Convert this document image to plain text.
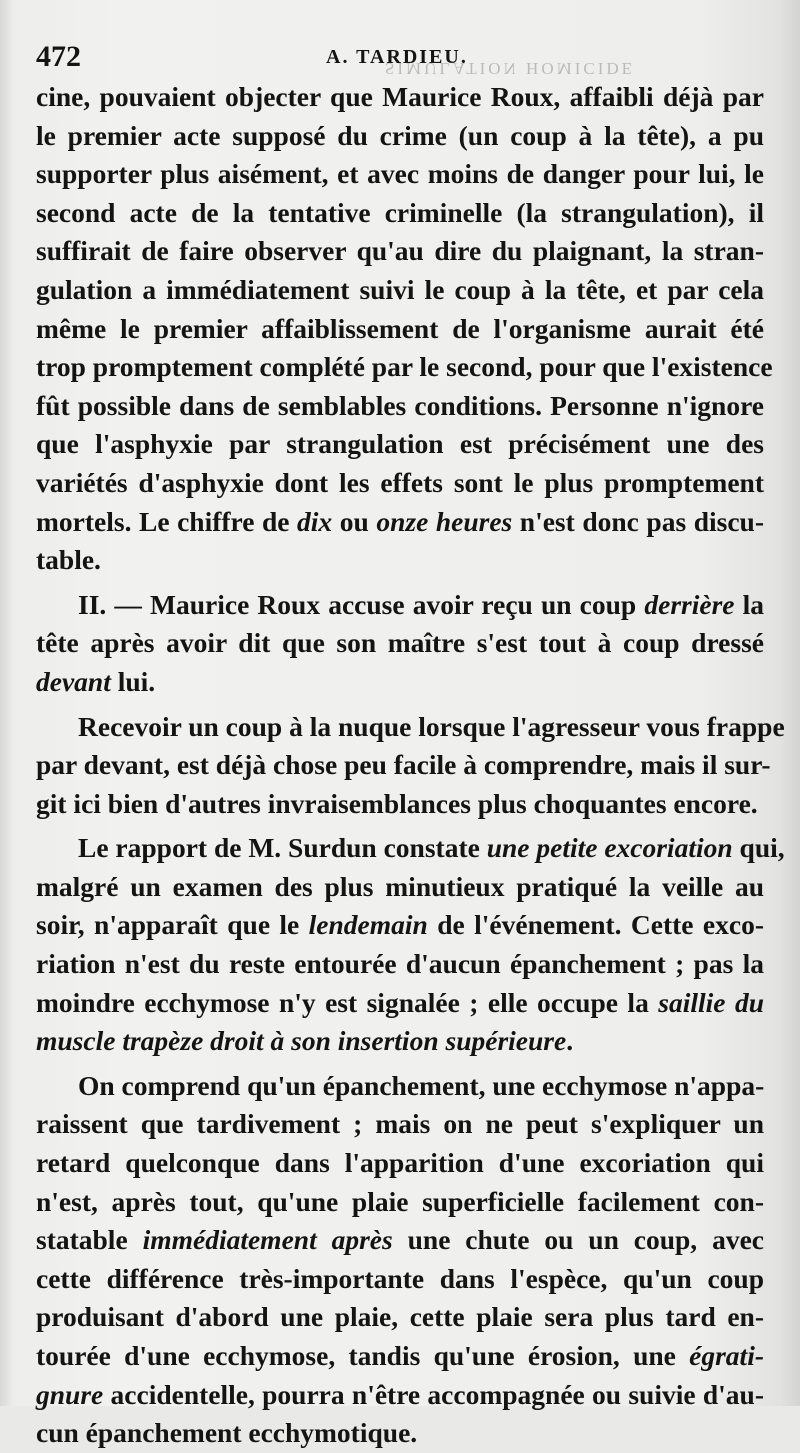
SIMULATION HOMICIDE
472	A. TARDIEU.

cine, pouvaient objecter que Maurice Roux, affaibli déjà par
le premier acte supposé du crime (un coup à la tête), a pu
supporter plus aisément, et avec moins de danger pour lui, le
second acte de la tentative criminelle (la strangulation), il
suffirait de faire observer qu'au dire du plaignant, la stran-
gulation a immédiatement suivi le coup à la tête, et par cela
même le premier affaiblissement de l'organisme aurait été
trop promptement complété par le second, pour que l'existence
fût possible dans de semblables conditions. Personne n'ignore
que l'asphyxie par strangulation est précisément une des
variétés d'asphyxie dont les effets sont le plus promptement
mortels. Le chiffre de dix ou onze heures n'est donc pas discu-
table.

II. — Maurice Roux accuse avoir reçu un coup derrière la
tête après avoir dit que son maître s'est tout à coup dressé
devant lui.

Recevoir un coup à la nuque lorsque l'agresseur vous frappe
par devant, est déjà chose peu facile à comprendre, mais il sur-
git ici bien d'autres invraisemblances plus choquantes encore.

Le rapport de M. Surdun constate une petite excoriation qui,
malgré un examen des plus minutieux pratiqué la veille au
soir, n'apparaît que le lendemain de l'événement. Cette exco-
riation n'est du reste entourée d'aucun épanchement ; pas la
moindre ecchymose n'y est signalée ; elle occupe la saillie du
muscle trapèze droit à son insertion supérieure.

On comprend qu'un épanchement, une ecchymose n'appa-
raissent que tardivement ; mais on ne peut s'expliquer un
retard quelconque dans l'apparition d'une excoriation qui
n'est, après tout, qu'une plaie superficielle facilement con-
statable immédiatement après une chute ou un coup, avec
cette différence très-importante dans l'espèce, qu'un coup
produisant d'abord une plaie, cette plaie sera plus tard en-
tourée d'une ecchymose, tandis qu'une érosion, une égrati-
gnure accidentelle, pourra n'être accompagnée ou suivie d'au-
cun épanchement ecchymotique.
